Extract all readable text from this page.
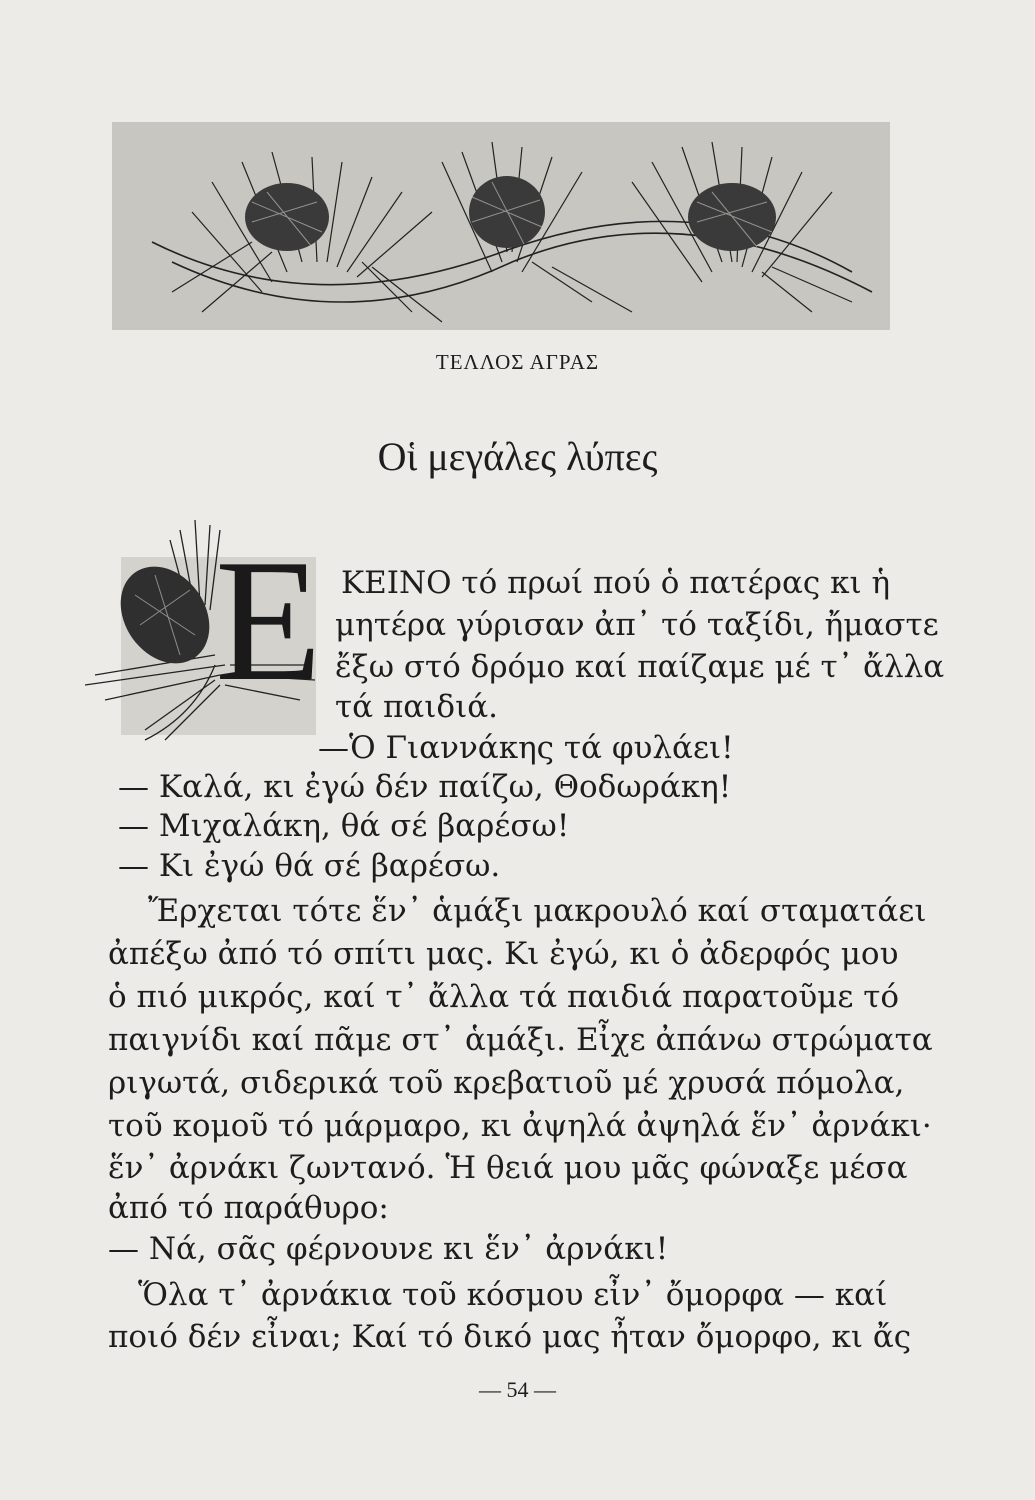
ΤΕΛΛΟΣ ΑΓΡΑΣ
Οἱ μεγάλες λύπες
Ε ΚΕΙΝΟ τό πρωί πού ὁ πατέρας κι ἡ
μητέρα γύρισαν ἀπ᾽ τό ταξίδι, ἤμαστε
ἔξω στό δρόμο καί παίζαμε μέ τ᾽ ἄλλα
τά παιδιά.
—Ὁ Γιαννάκης τά φυλάει!
— Καλά, κι ἐγώ δέν παίζω, Θοδωράκη!
— Μιχαλάκη, θά σέ βαρέσω!
— Κι ἐγώ θά σέ βαρέσω.
Ἔρχεται τότε ἕν᾽ ἁμάξι μακρουλό καί σταματάει
ἀπέξω ἀπό τό σπίτι μας. Κι ἐγώ, κι ὁ ἀδερφός μου
ὁ πιό μικρός, καί τ᾽ ἄλλα τά παιδιά παρατοῦμε τό
παιγνίδι καί πᾶμε στ᾽ ἁμάξι. Εἶχε ἀπάνω στρώματα
ριγωτά, σιδερικά τοῦ κρεβατιοῦ μέ χρυσά πόμολα,
τοῦ κομοῦ τό μάρμαρο, κι ἀψηλά ἀψηλά ἕν᾽ ἀρνάκι·
ἕν᾽ ἀρνάκι ζωντανό. Ἡ θειά μου μᾶς φώναξε μέσα
ἀπό τό παράθυρο:
— Νά, σᾶς φέρνουνε κι ἕν᾽ ἀρνάκι!
Ὅλα τ᾽ ἀρνάκια τοῦ κόσμου εἶν᾽ ὄμορφα — καί
ποιό δέν εἶναι; Καί τό δικό μας ἦταν ὄμορφο, κι ἄς
— 54 —
